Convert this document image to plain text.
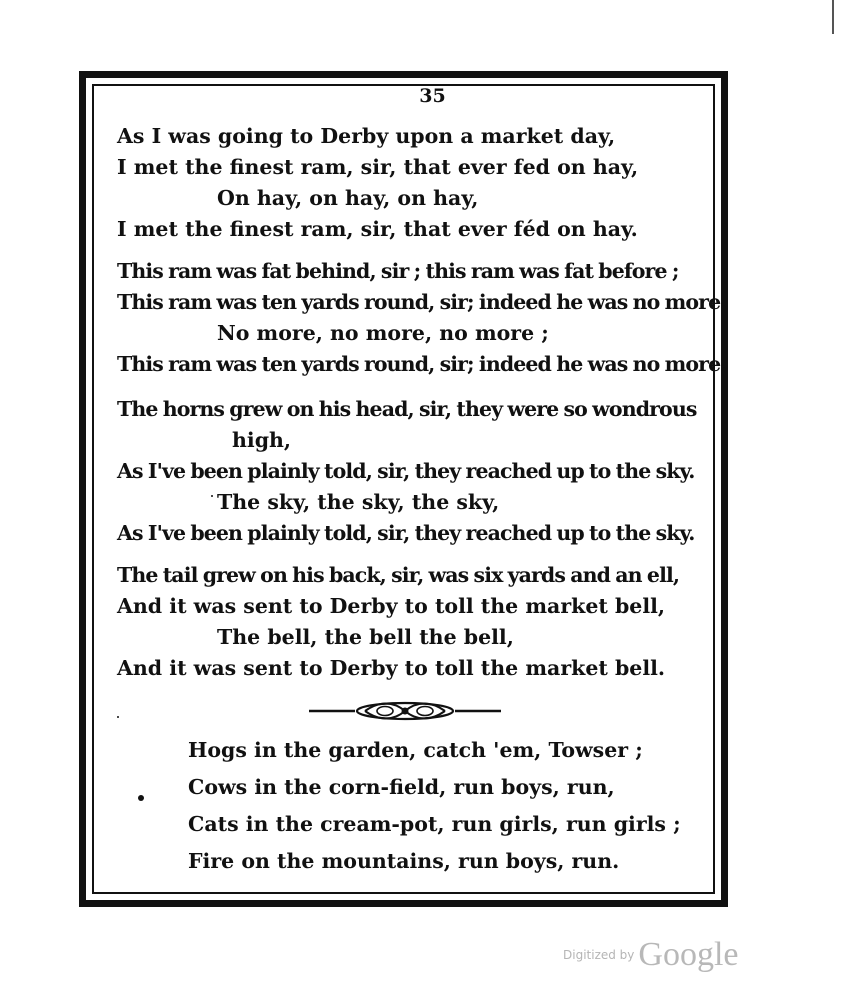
35
As I was going to Derby upon a market day,
I met the finest ram, sir, that ever fed on hay,
On hay, on hay, on hay,
I met the finest ram, sir, that ever féd on hay.
This ram was fat behind, sir ; this ram was fat before ;
This ram was ten yards round, sir; indeed he was no more.
No more, no more, no more ;
This ram was ten yards round, sir; indeed he was no more.
The horns grew on his head, sir, they were so wondrous
high,
As I've been plainly told, sir, they reached up to the sky.
The sky, the sky, the sky,
As I've been plainly told, sir, they reached up to the sky.
The tail grew on his back, sir, was six yards and an ell,
And it was sent to Derby to toll the market bell,
The bell, the bell the bell,
And it was sent to Derby to toll the market bell.
Hogs in the garden, catch 'em, Towser ;
Cows in the corn-field, run boys, run,
Cats in the cream-pot, run girls, run girls ;
Fire on the mountains, run boys, run.
$^{Digitized by}$ Google
